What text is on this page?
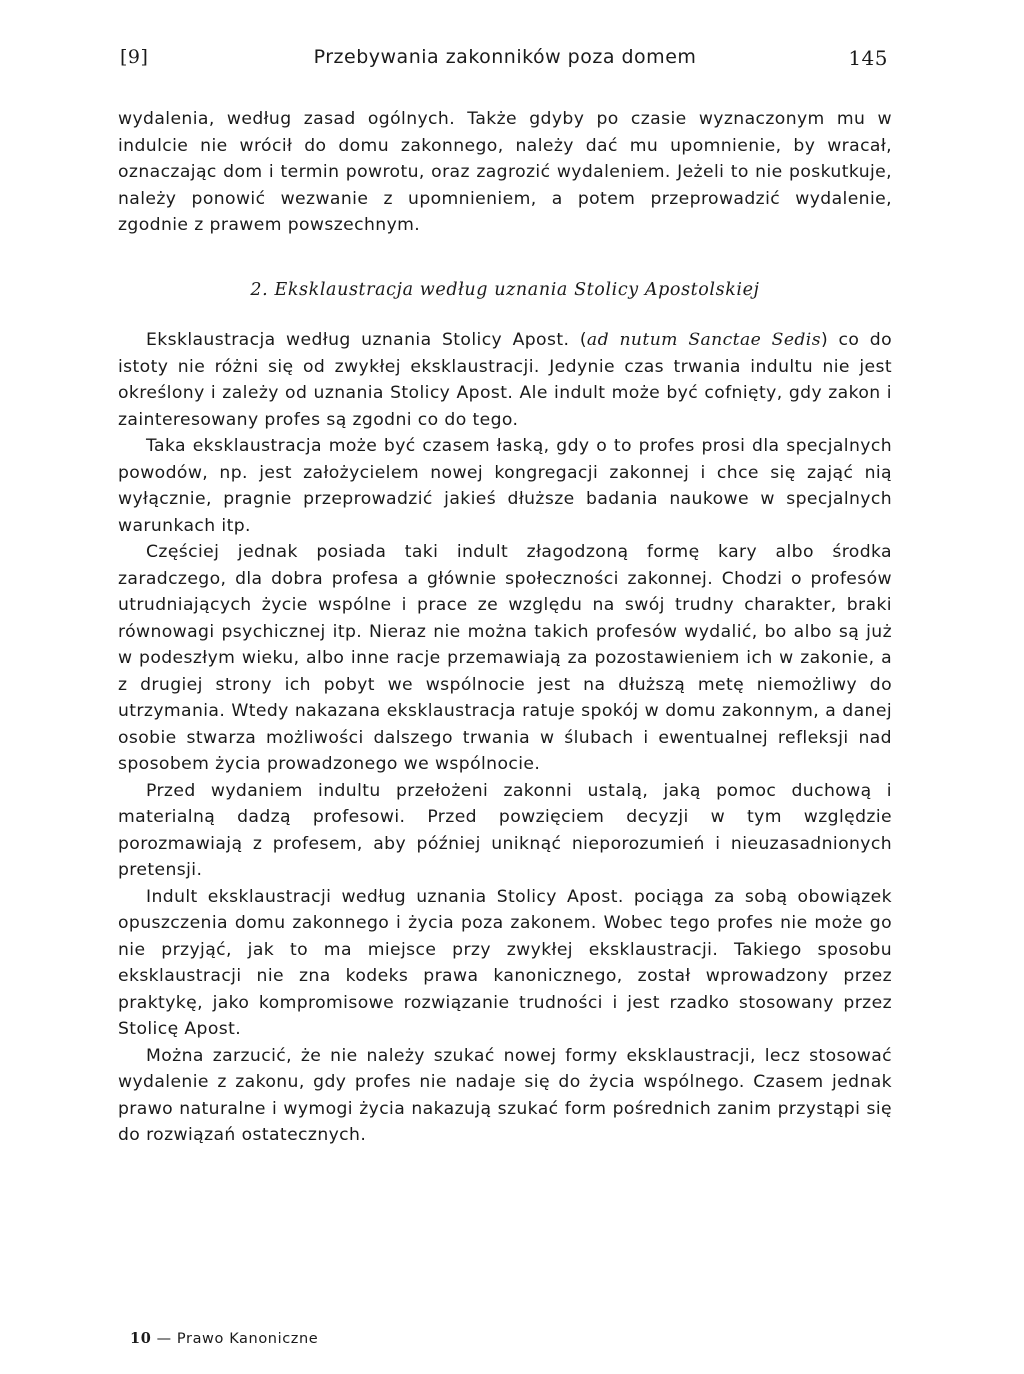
[9]	Przebywania zakonników poza domem	145

wydalenia, według zasad ogólnych. Także gdyby po czasie wyznaczonym mu w indulcie nie wrócił do domu zakonnego, należy dać mu upomnienie, by wracał, oznaczając dom i termin powrotu, oraz zagrozić wydaleniem. Jeżeli to nie poskutkuje, należy ponowić wezwanie z upomnieniem, a potem przeprowadzić wydalenie, zgodnie z prawem powszechnym.

2. Eksklaustracja według uznania Stolicy Apostolskiej

Eksklaustracja według uznania Stolicy Apost. (ad nutum Sanctae Sedis) co do istoty nie różni się od zwykłej eksklaustracji. Jedynie czas trwania indultu nie jest określony i zależy od uznania Stolicy Apost. Ale indult może być cofnięty, gdy zakon i zainteresowany profes są zgodni co do tego.

Taka eksklaustracja może być czasem łaską, gdy o to profes prosi dla specjalnych powodów, np. jest założycielem nowej kongregacji zakonnej i chce się zająć nią wyłącznie, pragnie przeprowadzić jakieś dłuższe badania naukowe w specjalnych warunkach itp.

Częściej jednak posiada taki indult złagodzoną formę kary albo środka zaradczego, dla dobra profesa a głównie społeczności zakonnej. Chodzi o profesów utrudniających życie wspólne i prace ze względu na swój trudny charakter, braki równowagi psychicznej itp. Nieraz nie można takich profesów wydalić, bo albo są już w podeszłym wieku, albo inne racje przemawiają za pozostawieniem ich w zakonie, a z drugiej strony ich pobyt we wspólnocie jest na dłuższą metę niemożliwy do utrzymania. Wtedy nakazana eksklaustracja ratuje spokój w domu zakonnym, a danej osobie stwarza możliwości dalszego trwania w ślubach i ewentualnej refleksji nad sposobem życia prowadzonego we wspólnocie.

Przed wydaniem indultu przełożeni zakonni ustalą, jaką pomoc duchową i materialną dadzą profesowi. Przed powzięciem decyzji w tym względzie porozmawiają z profesem, aby później uniknąć nieporozumień i nieuzasadnionych pretensji.

Indult eksklaustracji według uznania Stolicy Apost. pociąga za sobą obowiązek opuszczenia domu zakonnego i życia poza zakonem. Wobec tego profes nie może go nie przyjąć, jak to ma miejsce przy zwykłej eksklaustracji. Takiego sposobu eksklaustracji nie zna kodeks prawa kanonicznego, został wprowadzony przez praktykę, jako kompromisowe rozwiązanie trudności i jest rzadko stosowany przez Stolicę Apost.

Można zarzucić, że nie należy szukać nowej formy eksklaustracji, lecz stosować wydalenie z zakonu, gdy profes nie nadaje się do życia wspólnego. Czasem jednak prawo naturalne i wymogi życia nakazują szukać form pośrednich zanim przystąpi się do rozwiązań ostatecznych.

10 — Prawo Kanoniczne
